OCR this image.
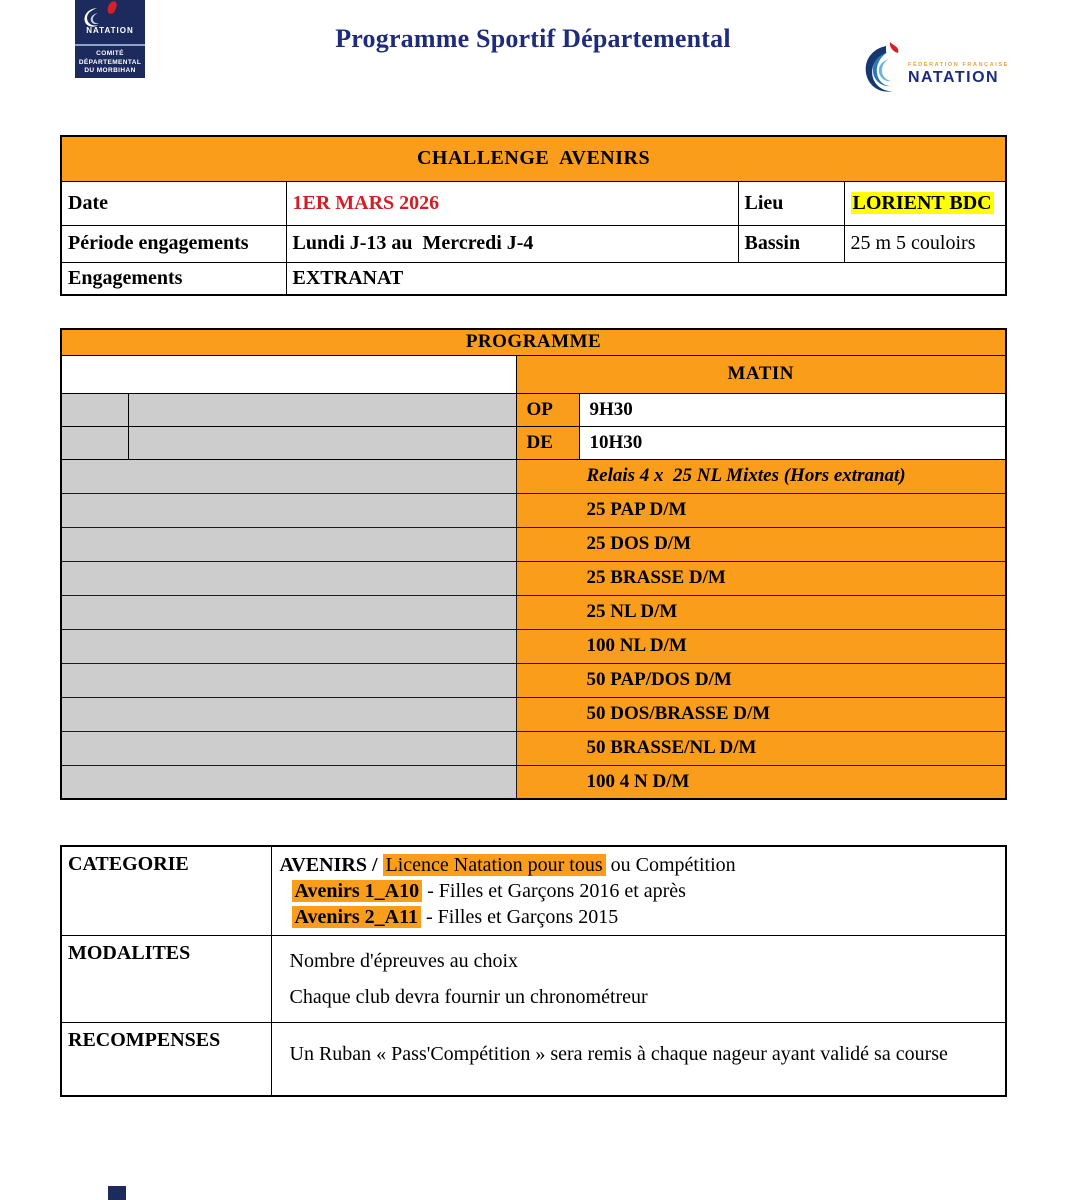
NATATION
COMITÉ
DÉPARTEMENTAL
DU MORBIHAN
Programme Sportif Départemental
FÉDÉRATION FRANÇAISE
NATATION
CHALLENGE  AVENIRS			
Date	1ER MARS 2026	Lieu	LORIENT BDC
Période engagements	Lundi J-13 au  Mercredi J-4	Bassin	25 m 5 couloirs
Engagements	EXTRANAT		
PROGRAMME			
		MATIN	
		OP	9H30
		DE	10H30
		Relais 4 x  25 NL Mixtes (Hors extranat)	
		25 PAP D/M	
		25 DOS D/M	
		25 BRASSE D/M	
		25 NL D/M	
		100 NL D/M	
		50 PAP/DOS D/M	
		50 DOS/BRASSE D/M	
		50 BRASSE/NL D/M	
		100 4 N D/M	
CATEGORIE	AVENIRS / Licence Natation pour tous ou Compétition
Avenirs 1_A10 - Filles et Garçons 2016 et après
Avenirs 2_A11 - Filles et Garçons 2015

MODALITES	Nombre d'épreuves au choix
Chaque club devra fournir un chronométreur

RECOMPENSES	Un Ruban « Pass'Compétition » sera remis à chaque nageur ayant validé sa course
